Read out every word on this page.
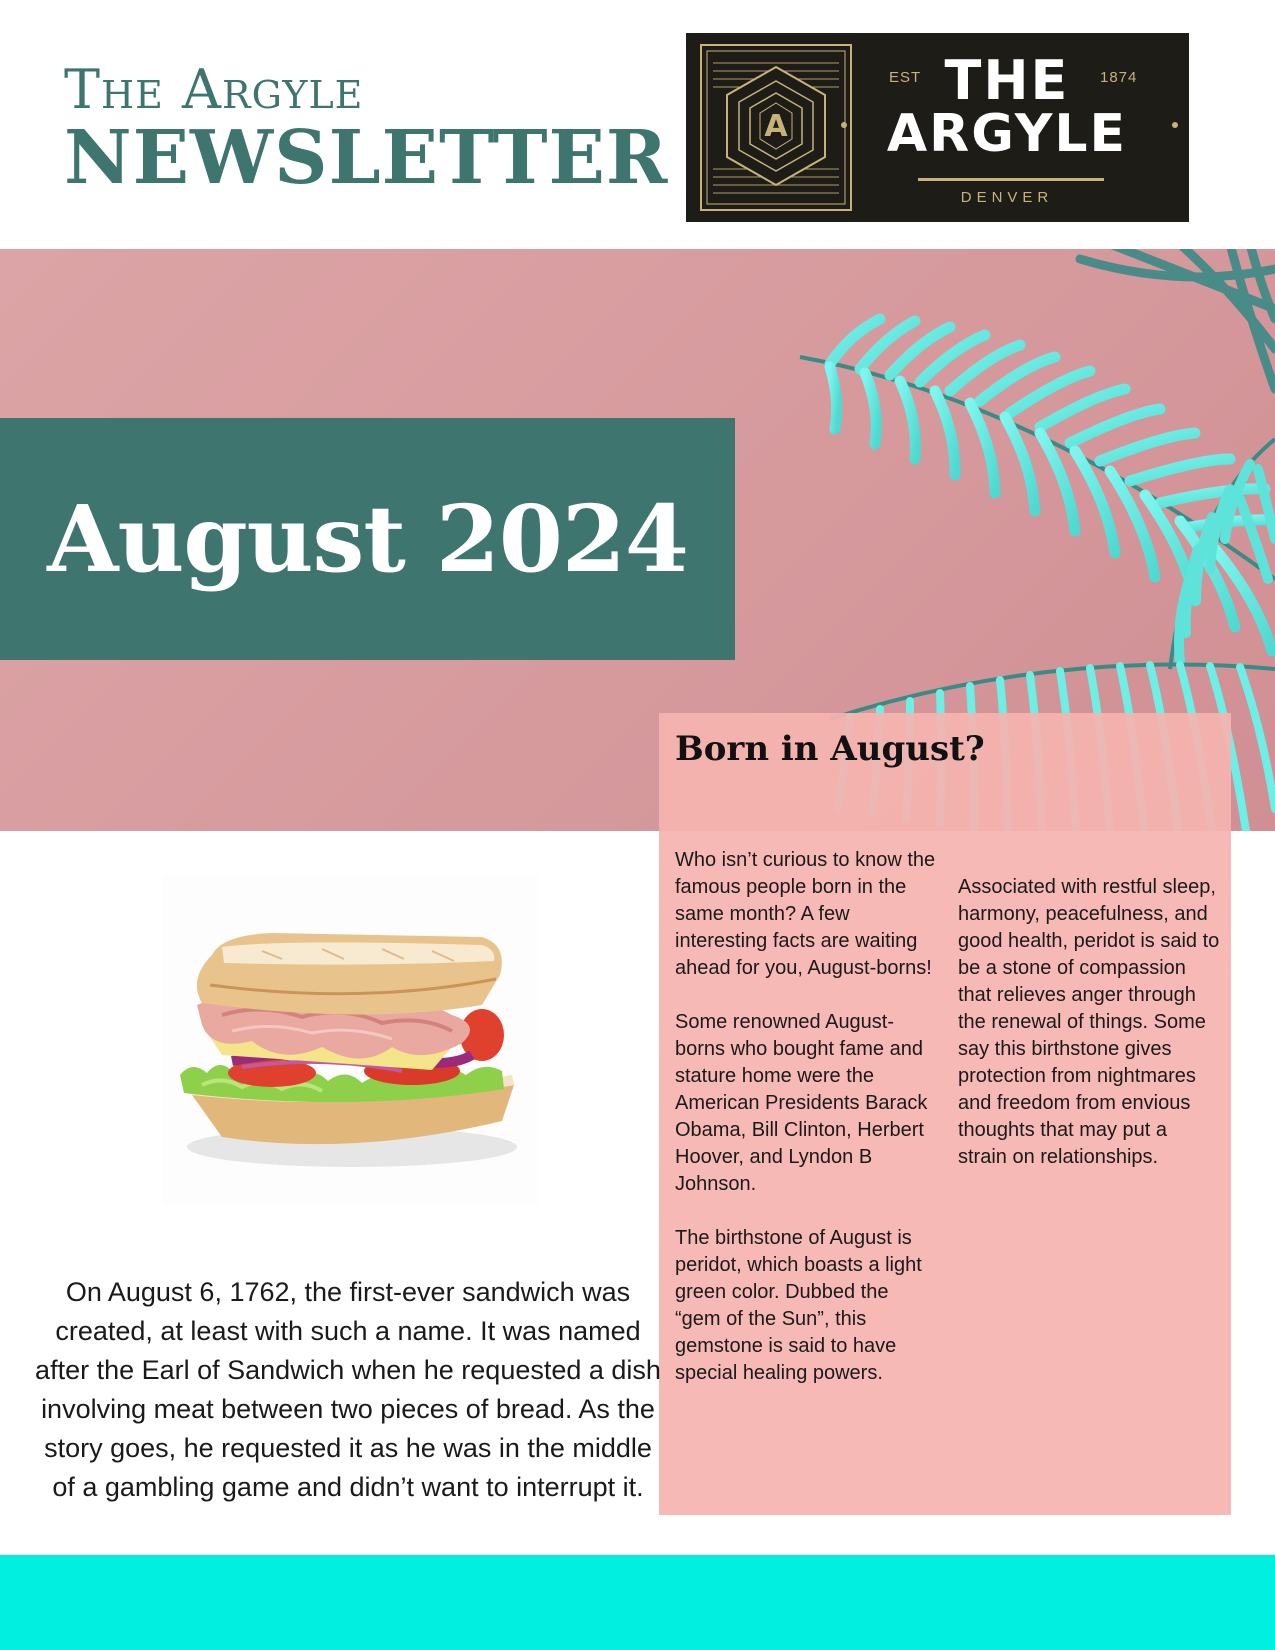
The Argyle
NEWSLETTER	A
EST	1874
THE
ARGYLE
DENVER
August 2024
Born in August?

Who isn’t curious to know the famous people born in the same month? A few interesting facts are waiting ahead for you, August-borns!

Some renowned August-borns who bought fame and stature home were the American Presidents Barack Obama, Bill Clinton, Herbert Hoover, and Lyndon B Johnson.

The birthstone of August is peridot, which boasts a light green color. Dubbed the “gem of the Sun”, this gemstone is said to have special healing powers.

Associated with restful sleep, harmony, peacefulness, and good health, peridot is said to be a stone of compassion that relieves anger through the renewal of things. Some say this birthstone gives protection from nightmares and freedom from envious thoughts that may put a strain on relationships.

On August 6, 1762, the first-ever sandwich was created, at least with such a name. It was named after the Earl of Sandwich when he requested a dish involving meat between two pieces of bread. As the story goes, he requested it as he was in the middle of a gambling game and didn’t want to interrupt it.
